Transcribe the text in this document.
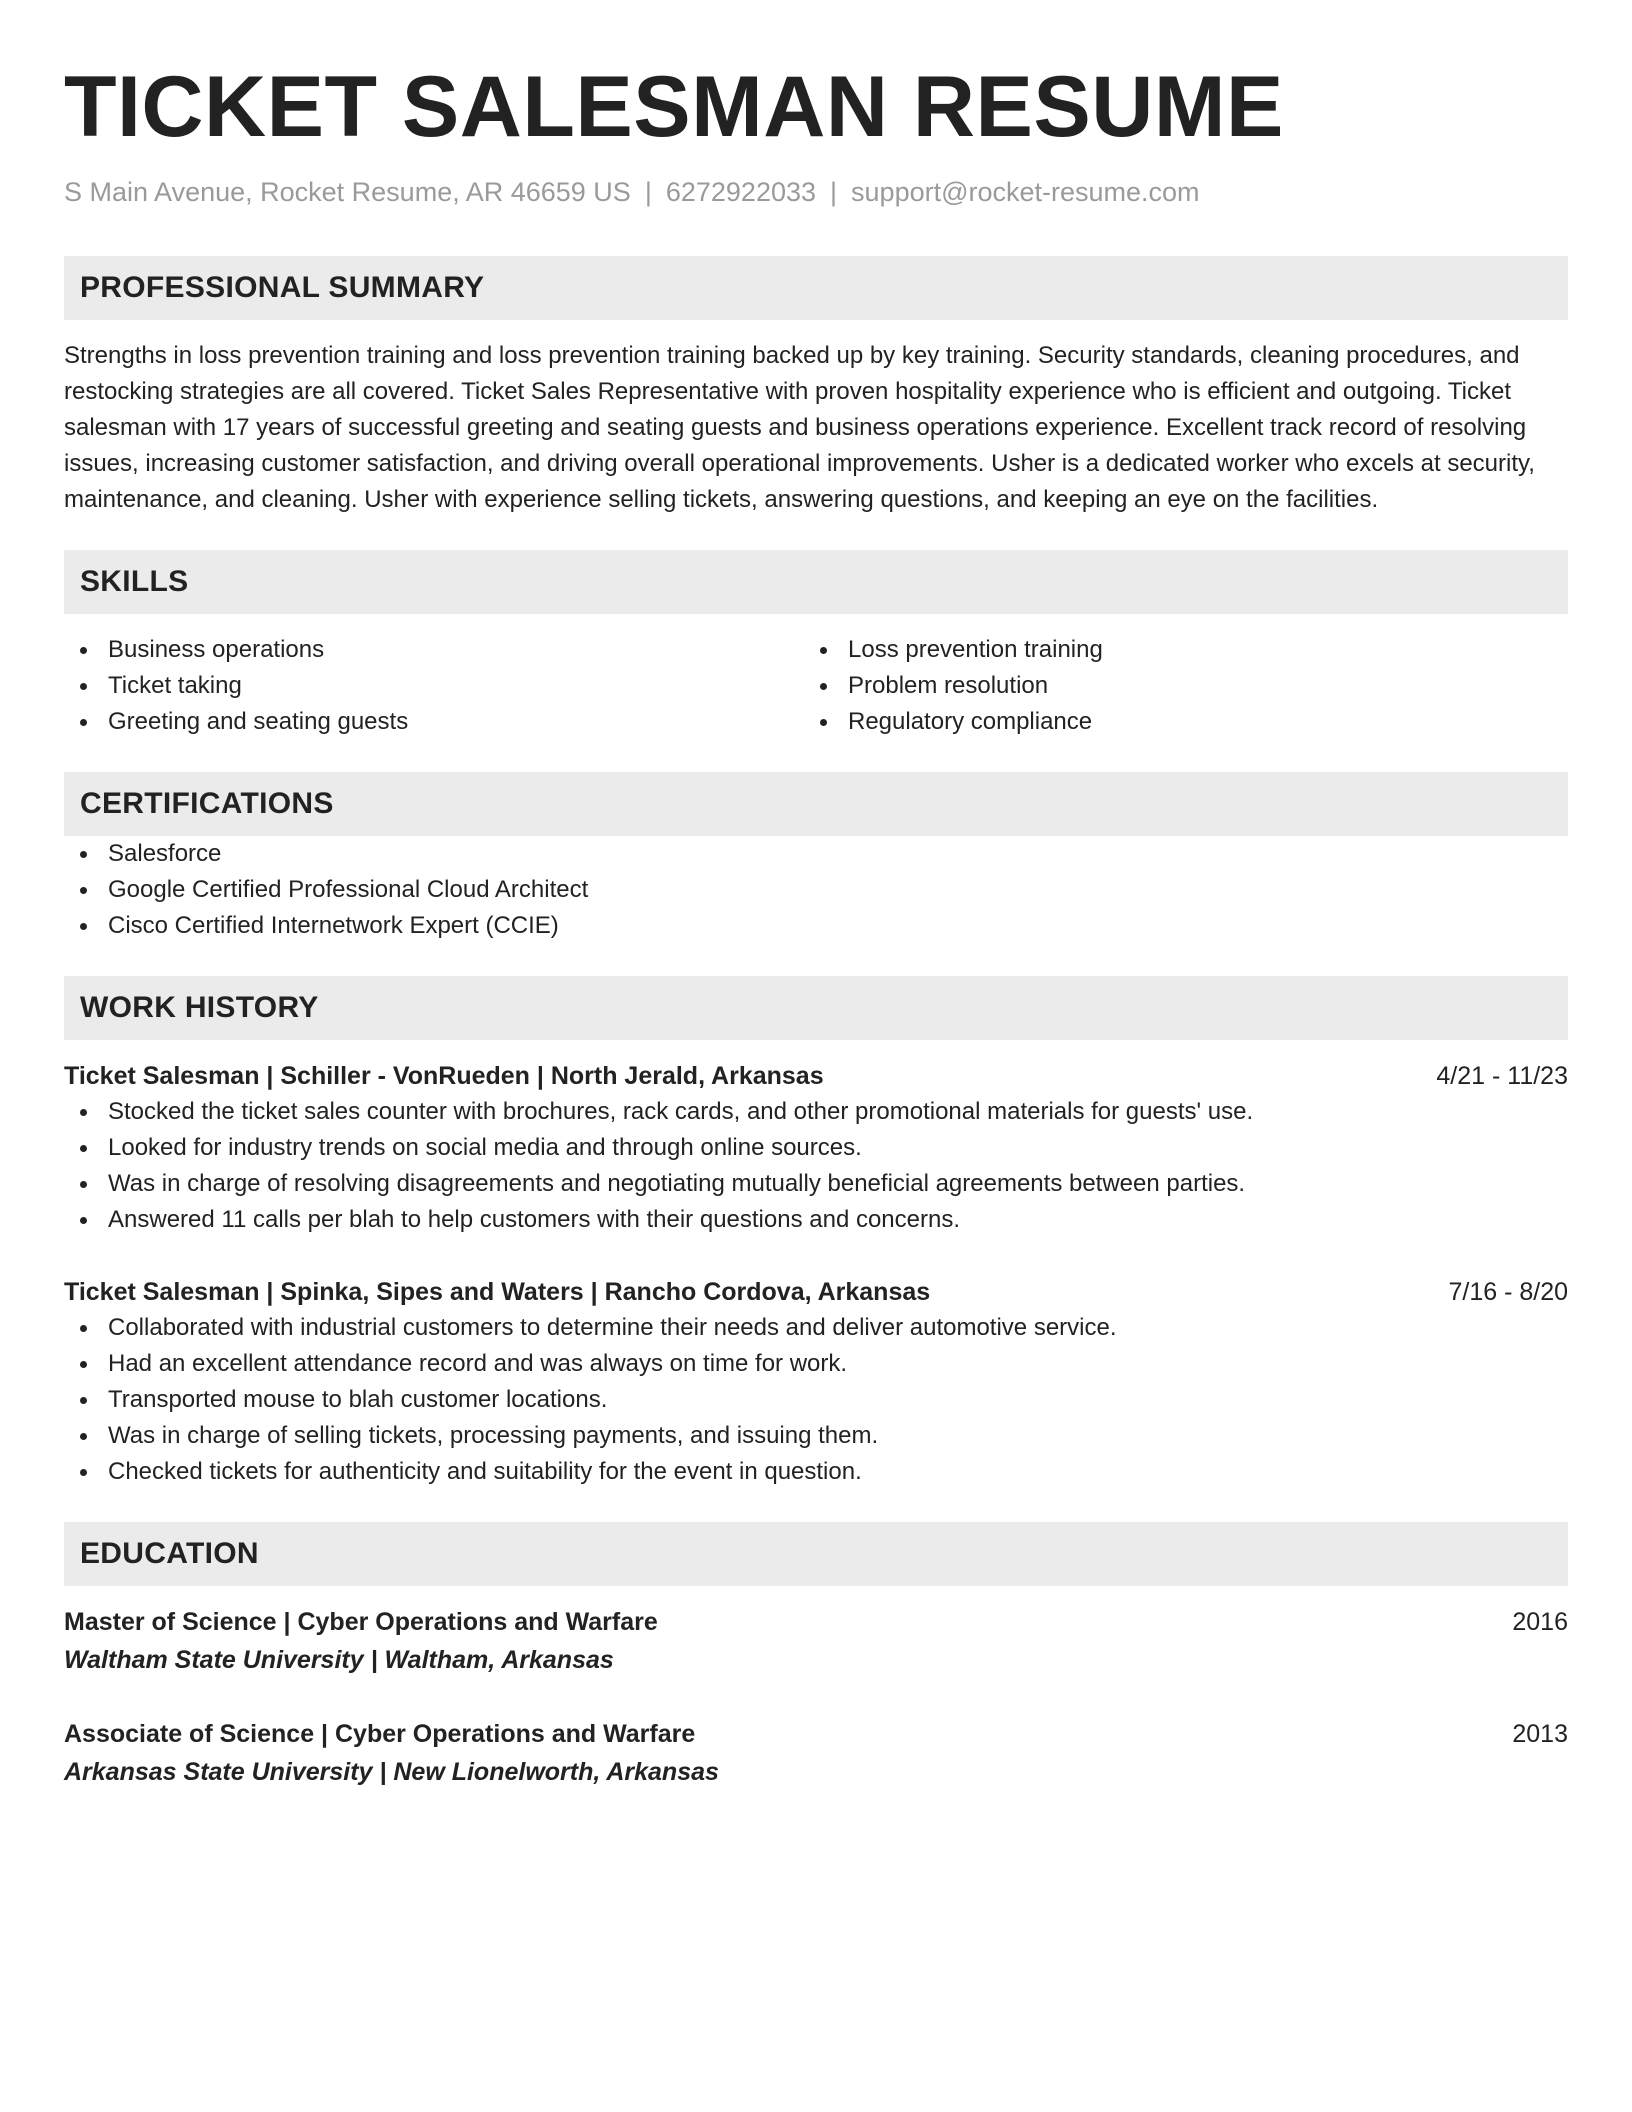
TICKET SALESMAN RESUME
S Main Avenue, Rocket Resume, AR 46659 US | 6272922033 | support@rocket-resume.com
PROFESSIONAL SUMMARY
Strengths in loss prevention training and loss prevention training backed up by key training. Security standards, cleaning procedures, and restocking strategies are all covered. Ticket Sales Representative with proven hospitality experience who is efficient and outgoing. Ticket salesman with 17 years of successful greeting and seating guests and business operations experience. Excellent track record of resolving issues, increasing customer satisfaction, and driving overall operational improvements. Usher is a dedicated worker who excels at security, maintenance, and cleaning. Usher with experience selling tickets, answering questions, and keeping an eye on the facilities.
SKILLS
Business operations
Ticket taking
Greeting and seating guests
Loss prevention training
Problem resolution
Regulatory compliance
CERTIFICATIONS
Salesforce
Google Certified Professional Cloud Architect
Cisco Certified Internetwork Expert (CCIE)
WORK HISTORY
Ticket Salesman | Schiller - VonRueden | North Jerald, Arkansas	4/21 - 11/23
Stocked the ticket sales counter with brochures, rack cards, and other promotional materials for guests' use.
Looked for industry trends on social media and through online sources.
Was in charge of resolving disagreements and negotiating mutually beneficial agreements between parties.
Answered 11 calls per blah to help customers with their questions and concerns.
Ticket Salesman | Spinka, Sipes and Waters | Rancho Cordova, Arkansas	7/16 - 8/20
Collaborated with industrial customers to determine their needs and deliver automotive service.
Had an excellent attendance record and was always on time for work.
Transported mouse to blah customer locations.
Was in charge of selling tickets, processing payments, and issuing them.
Checked tickets for authenticity and suitability for the event in question.
EDUCATION
Master of Science | Cyber Operations and Warfare	2016
Waltham State University | Waltham, Arkansas
Associate of Science | Cyber Operations and Warfare	2013
Arkansas State University | New Lionelworth, Arkansas
